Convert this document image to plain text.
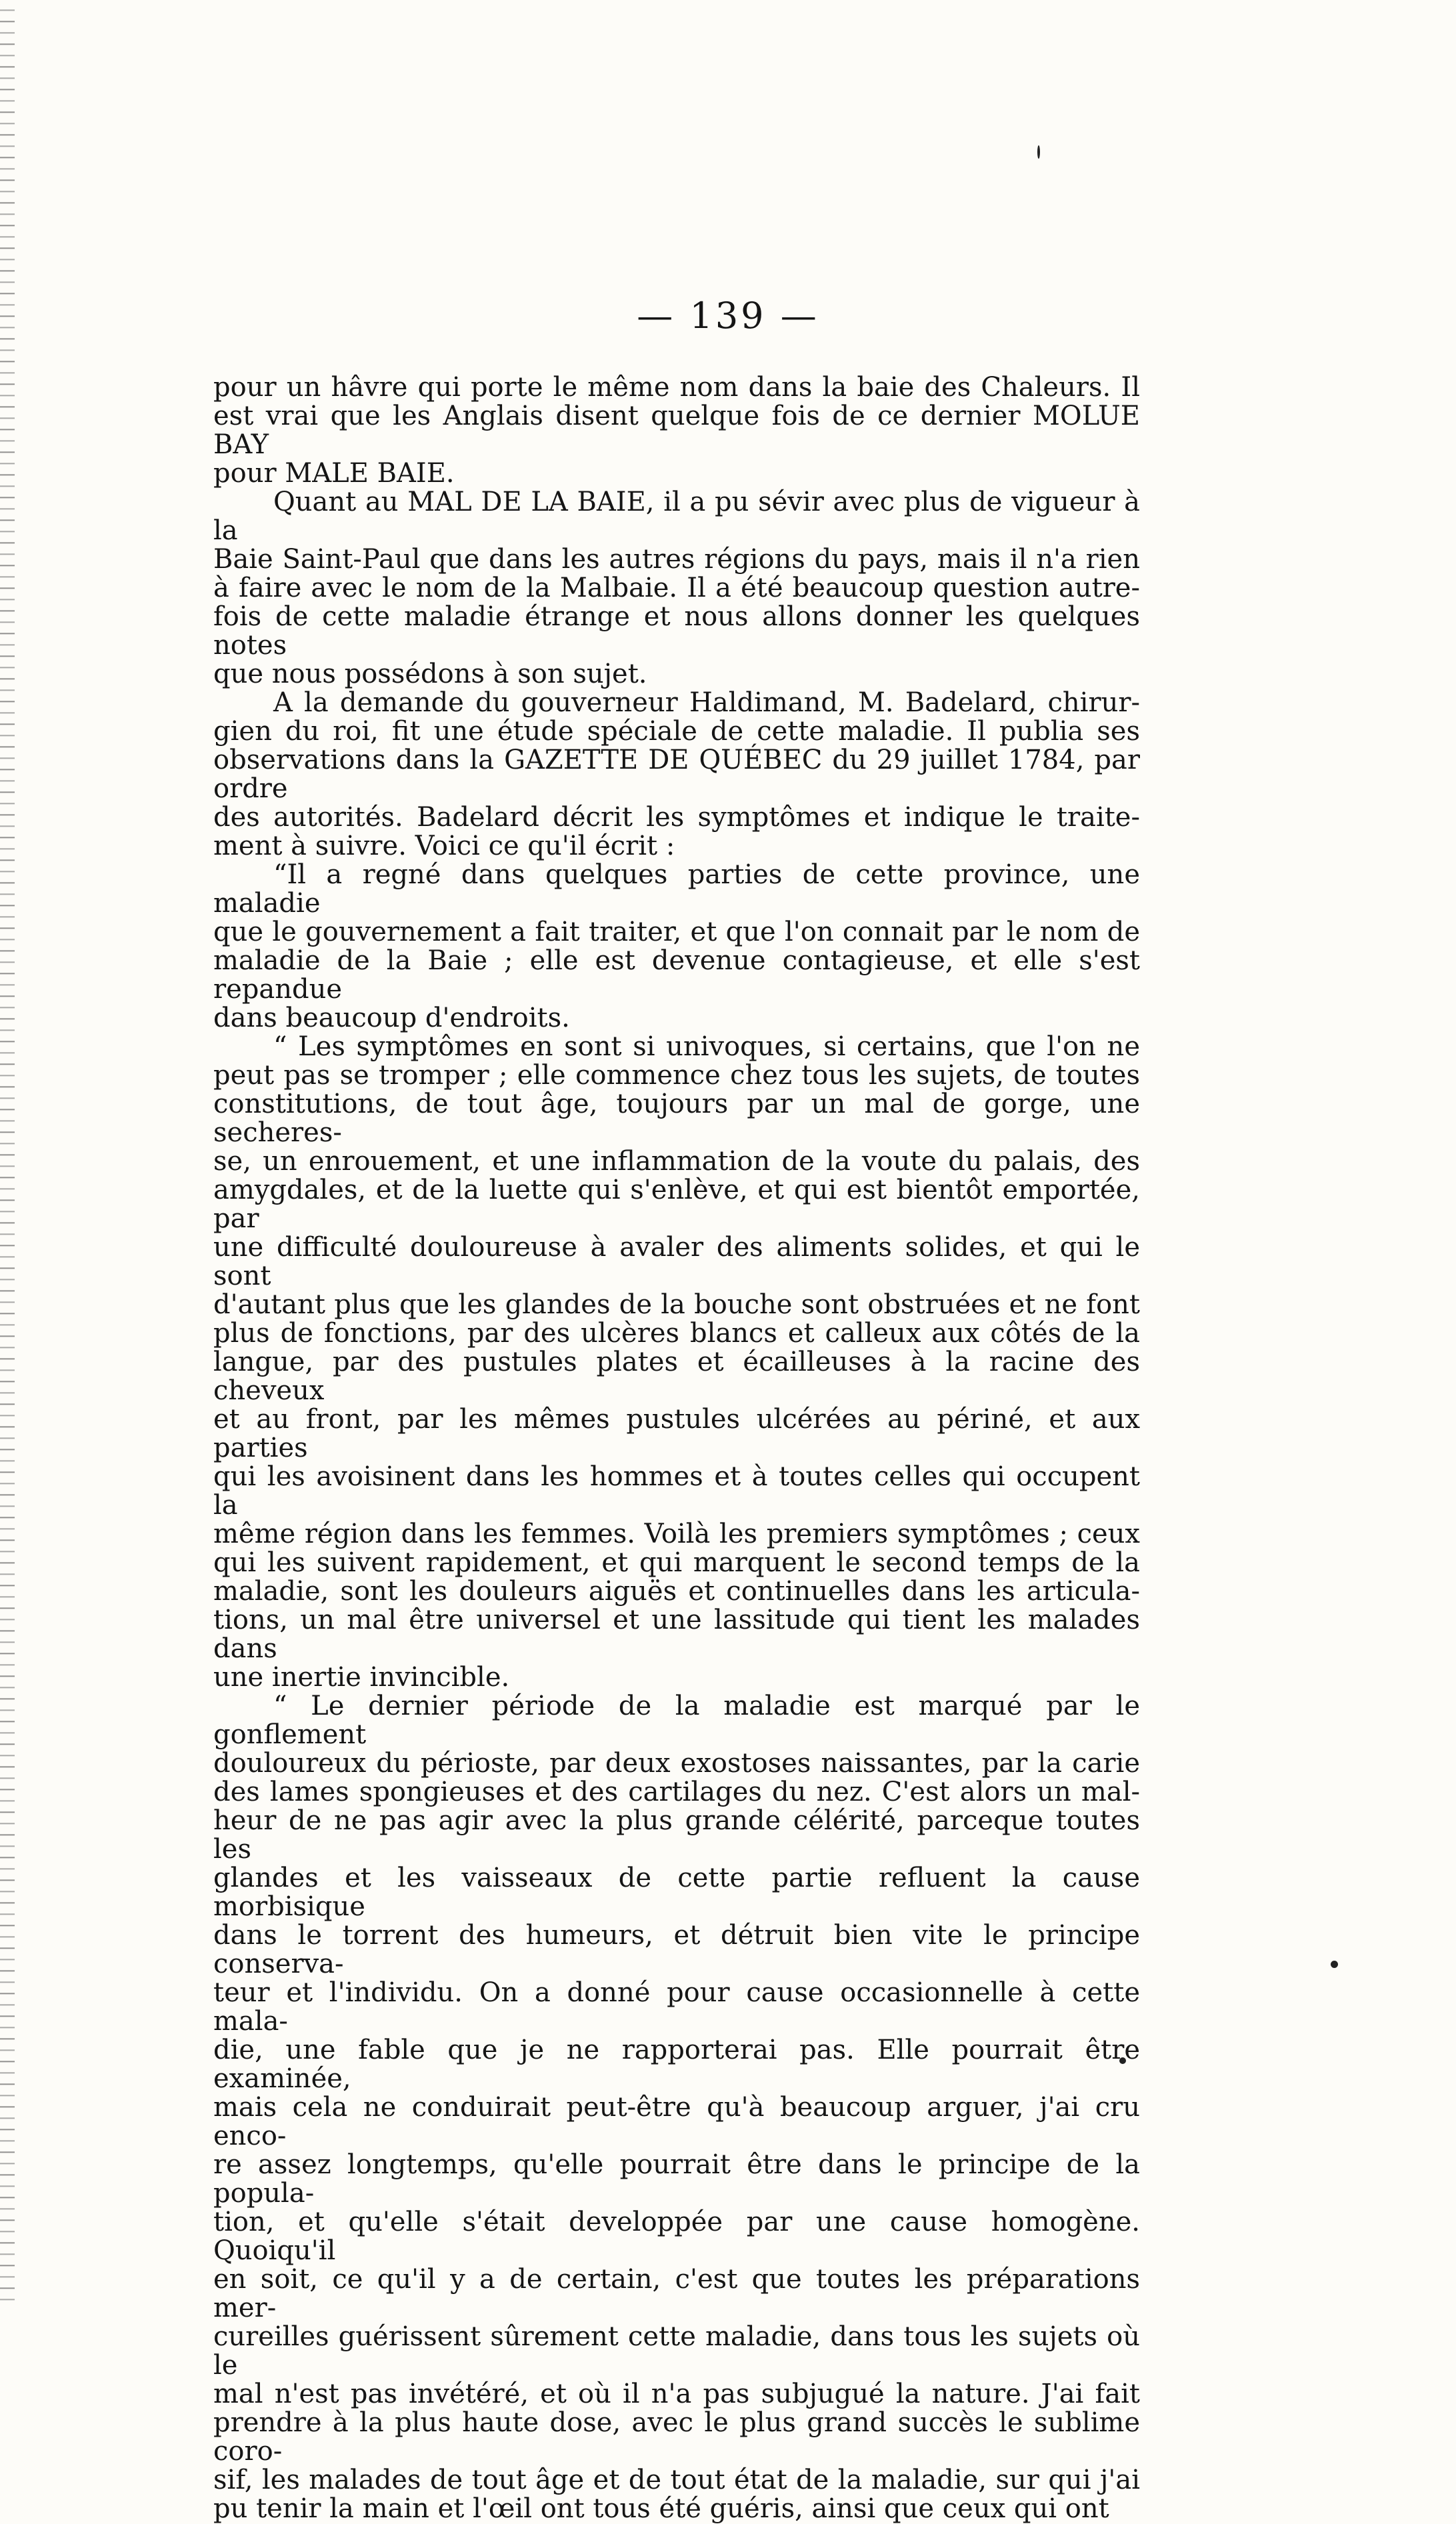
— 139 —

pour un hâvre qui porte le même nom dans la baie des Chaleurs. Il
est vrai que les Anglais disent quelque fois de ce dernier MOLUE BAY
pour MALE BAIE.

Quant au MAL DE LA BAIE, il a pu sévir avec plus de vigueur à la
Baie Saint-Paul que dans les autres régions du pays, mais il n'a rien
à faire avec le nom de la Malbaie. Il a été beaucoup question autre-
fois de cette maladie étrange et nous allons donner les quelques notes
que nous possédons à son sujet.

A la demande du gouverneur Haldimand, M. Badelard, chirur-
gien du roi, fit une étude spéciale de cette maladie. Il publia ses
observations dans la GAZETTE DE QUÉBEC du 29 juillet 1784, par ordre
des autorités. Badelard décrit les symptômes et indique le traite-
ment à suivre. Voici ce qu'il écrit :

“Il a regné dans quelques parties de cette province, une maladie
que le gouvernement a fait traiter, et que l'on connait par le nom de
maladie de la Baie ; elle est devenue contagieuse, et elle s'est repandue
dans beaucoup d'endroits.

“ Les symptômes en sont si univoques, si certains, que l'on ne
peut pas se tromper ; elle commence chez tous les sujets, de toutes
constitutions, de tout âge, toujours par un mal de gorge, une secheres-
se, un enrouement, et une inflammation de la voute du palais, des
amygdales, et de la luette qui s'enlève, et qui est bientôt emportée, par
une difficulté douloureuse à avaler des aliments solides, et qui le sont
d'autant plus que les glandes de la bouche sont obstruées et ne font
plus de fonctions, par des ulcères blancs et calleux aux côtés de la
langue, par des pustules plates et écailleuses à la racine des cheveux
et au front, par les mêmes pustules ulcérées au périné, et aux parties
qui les avoisinent dans les hommes et à toutes celles qui occupent la
même région dans les femmes. Voilà les premiers symptômes ; ceux
qui les suivent rapidement, et qui marquent le second temps de la
maladie, sont les douleurs aiguës et continuelles dans les articula-
tions, un mal être universel et une lassitude qui tient les malades dans
une inertie invincible.

“ Le dernier période de la maladie est marqué par le gonflement
douloureux du périoste, par deux exostoses naissantes, par la carie
des lames spongieuses et des cartilages du nez. C'est alors un mal-
heur de ne pas agir avec la plus grande célérité, parceque toutes les
glandes et les vaisseaux de cette partie refluent la cause morbisique
dans le torrent des humeurs, et détruit bien vite le principe conserva-
teur et l'individu. On a donné pour cause occasionnelle à cette mala-
die, une fable que je ne rapporterai pas. Elle pourrait être examinée,
mais cela ne conduirait peut-être qu'à beaucoup arguer, j'ai cru enco-
re assez longtemps, qu'elle pourrait être dans le principe de la popula-
tion, et qu'elle s'était developpée par une cause homogène. Quoiqu'il
en soit, ce qu'il y a de certain, c'est que toutes les préparations mer-
cureilles guérissent sûrement cette maladie, dans tous les sujets où le
mal n'est pas invétéré, et où il n'a pas subjugué la nature. J'ai fait
prendre à la plus haute dose, avec le plus grand succès le sublime coro-
sif, les malades de tout âge et de tout état de la maladie, sur qui j'ai
pu tenir la main et l'œil ont tous été guéris, ainsi que ceux qui ont
